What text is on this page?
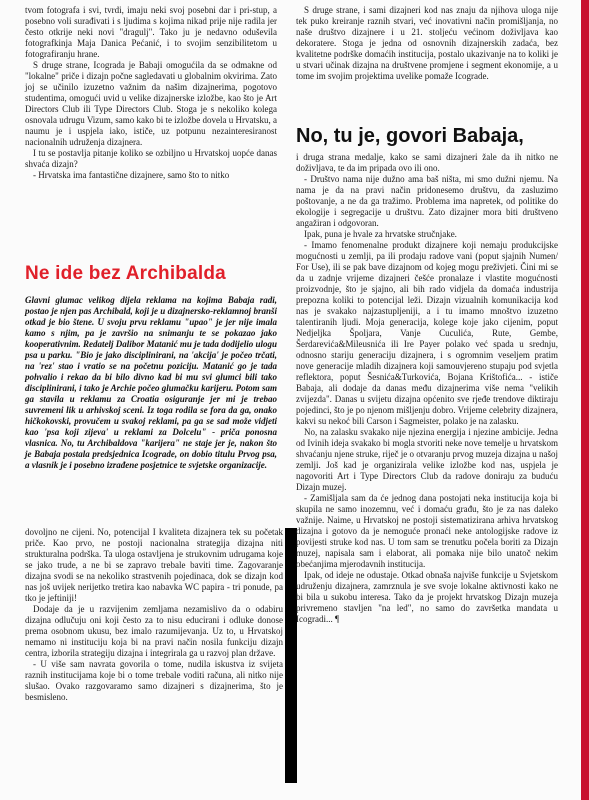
tvom fotografa i svi, tvrdi, imaju neki svoj posebni dar i pri-stup, a posebno voli surađivati i s ljudima s kojima nikad prije nije radila jer često otkrije neki novi "dragulj". Tako ju je nedavno oduševila fotografkinja Maja Danica Pećanić, i to svojim senzibilitetom u fotografiranju hrane.

S druge strane, Icograda je Babaji omogućila da se odmakne od "lokalne" priče i dizajn počne sagledavati u globalnim okvirima. Zato joj se učinilo izuzetno važnim da našim dizajnerima, pogotovo studentima, omogući uvid u velike dizajnerske izložbe, kao što je Art Directors Club ili Type Directors Club. Stoga je s nekoliko kolega osnovala udrugu Vizum, samo kako bi te izložbe dovela u Hrvatsku, a naumu je i uspjela iako, ističe, uz potpunu nezainteresiranost nacionalnih udruženja dizajnera.

I tu se postavlja pitanje koliko se ozbiljno u Hrvatskoj uopće danas shvaća dizajn?

- Hrvatska ima fantastične dizajnere, samo što to nitko

Ne ide bez Archibalda
Glavni glumac velikog dijela reklama na kojima Babaja radi, postao je njen pas Archibald, koji je u dizajnersko-reklamnoj branši otkad je bio štene. U svoju prvu reklamu "upao" je jer nije imala kamo s njim, pa je završio na snimanju te se pokazao jako kooperativnim. Redatelj Dalibor Matanić mu je tada dodijelio ulogu psa u parku. "Bio je jako disciplinirani, na 'akcija' je počeo trčati, na 'rez' stao i vratio se na početnu poziciju. Matanić go je tada pohvalio i rekao da bi bilo divno kad bi mu svi glumci bili tako disciplinirani, i tako je Archie počeo glumačku karijeru. Potom sam ga stavila u reklamu za Croatia osiguranje jer mi je trebao suvremeni lik u arhivskoj sceni. Iz toga rodila se fora da ga, onako hičkokovski, provučem u svakoj reklami, pa ga se sad može vidjeti kao 'psa koji zijeva' u reklami za Dolcelu" - priča ponosna vlasnica. No, tu Archibaldova "karijera" ne staje jer je, nakon što je Babaja postala predsjednica Icograde, on dobio titulu Prvog psa, a vlasnik je i posebno izrađene posjetnice te svjetske organizacije.

dovoljno ne cijeni. No, potencijal I kvaliteta dizajnera tek su početak priče. Kao prvo, ne postoji nacionalna strategija dizajna niti strukturalna podrška. Ta uloga ostavljena je strukovnim udrugama koje se jako trude, a ne bi se zapravo trebale baviti time. Zagovaranje dizajna svodi se na nekoliko strastvenih pojedinaca, dok se dizajn kod nas još uvijek nerijetko tretira kao nabavka WC papira - tri ponude, pa tko je jeftiniji!

Dodaje da je u razvijenim zemljama nezamislivo da o odabiru dizajna odlučuju oni koji često za to nisu educirani i odluke donose prema osobnom ukusu, bez imalo razumijevanja. Uz to, u Hrvatskoj nemamo ni instituciju koja bi na pravi način nosila funkciju dizajn centra, izborila strategiju dizajna i integrirala ga u razvoj plan države.

- U više sam navrata govorila o tome, nudila iskustva iz svijeta raznih institucijama koje bi o tome trebale voditi računa, ali nitko nije slušao. Ovako razgovaramo samo dizajneri s dizajnerima, što je besmisleno.

S druge strane, i sami dizajneri kod nas znaju da njihova uloga nije tek puko kreiranje raznih stvari, već inovativni način promišljanja, no naše društvo dizajnere i u 21. stoljeću većinom doživljava kao dekoratere. Stoga je jedna od osnovnih dizajnerskih zadaća, bez kvalitetne podrške domaćih institucija, postalo ukazivanje na to koliki je u stvari učinak dizajna na društvene promjene i segment ekonomije, a u tome im svojim projektima uvelike pomaže Icograde.

No, tu je, govori Babaja,

i druga strana medalje, kako se sami dizajneri žale da ih nitko ne doživljava, te da im pripada ovo ili ono.

- Društvo nama nije dužno ama baš ništa, mi smo dužni njemu. Na nama je da na pravi način pridonesemo društvu, da zasluzimo poštovanje, a ne da ga tražimo. Problema ima napretek, od politike do ekologije i segregacije u društvu. Zato dizajner mora biti društveno angažiran i odgovoran.

Ipak, puna je hvale za hrvatske stručnjake.

- Imamo fenomenalne produkt dizajnere koji nemaju produkcijske mogućnosti u zemlji, pa ili prodaju radove vani (poput sjajnih Numen/ For Use), ili se pak bave dizajnom od kojeg mogu preživjeti. Čini mi se da u zadnje vrijeme dizajneri češće pronalaze i vlastite mogućnosti proizvodnje, što je sjajno, ali bih rado vidjela da domaća industrija prepozna koliki to potencijal leži. Dizajn vizualnih komunikacija kod nas je svakako najzastupljeniji, a i tu imamo mnoštvo izuzetno talentiranih ljudi. Moja generacija, kolege koje jako cijenim, poput Nedjeljka Špoljara, Vanje Cuculića, Rute, Gembe, Šerdarevića&Mileusnića ili Ire Payer polako već spada u srednju, odnosno stariju generaciju dizajnera, i s ogromnim veseljem pratim nove generacije mladih dizajnera koji samouvjereno stupaju pod svjetla reflektora, poput Šesnića&Turkovića, Bojana Krištofića... - ističe Babaja, ali dodaje da danas među dizajnerima više nema "velikih zvijezda". Danas u svijetu dizajna općenito sve rjeđe trendove diktiraju pojedinci, što je po njenom mišljenju dobro. Vrijeme celebrity dizajnera, kakvi su nekoć bili Carson i Sagmeister, polako je na zalasku.

No, na zalasku svakako nije njezina energija i njezine ambicije. Jedna od Ivinih ideja svakako bi mogla stvoriti neke nove temelje u hrvatskom shvaćanju njene struke, riječ je o otvaranju prvog muzeja dizajna u našoj zemlji. Još kad je organizirala velike izložbe kod nas, uspjela je nagovoriti Art i Type Directors Club da radove doniraju za buduću Dizajn muzej.

- Zamišljala sam da će jednog dana postojati neka institucija koja bi skupila ne samo inozemnu, već i domaću građu, što je za nas daleko važnije. Naime, u Hrvatskoj ne postoji sistematizirana arhiva hrvatskog dizajna i gotovo da je nemoguće pronaći neke antologijske radove iz povijesti struke kod nas. U tom sam se trenutku počela boriti za Dizajn muzej, napisala sam i elaborat, ali pomaka nije bilo unatoč nekim obećanjima mjerodavnih institucija.

Ipak, od ideje ne odustaje. Otkad obnaša najviše funkcije u Svjetskom udruženju dizajnera, zamrznula je sve svoje lokalne aktivnosti kako ne bi bila u sukobu interesa. Tako da je projekt hrvatskog Dizajn muzeja privremeno stavljen "na led", no samo do završetka mandata u Icogradi... ¶
